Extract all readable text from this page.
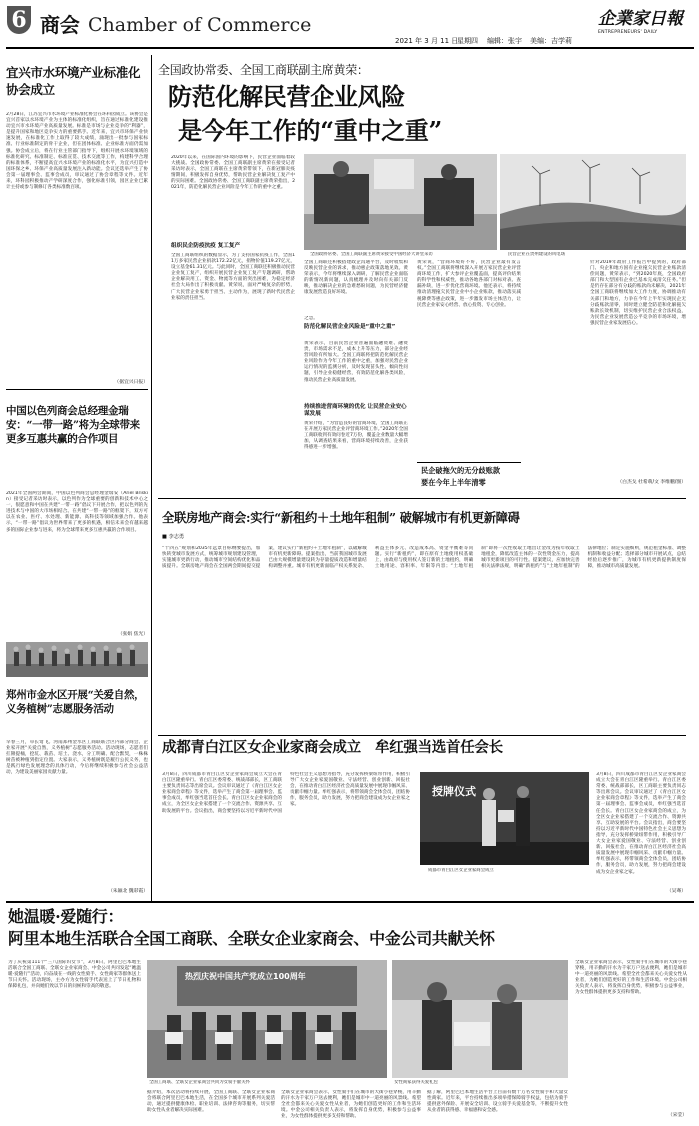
6 商会 Chamber of Commerce	企業家日報
ENTREPRENEURS' DAILY
2021 年 3 月 11 日
星期四 编辑：张宇 美编：吉学莉
宜兴市水环境产业标准化协会成立
2月28日，江苏宜兴市水环境产业标准化协会在环科园成立。该协会是宜兴首家以水环境产业为主体的标准化组织，旨在通过标准化建设推动宜兴市水环境产业高质量发展。标准是市场与企业竞争的“利器”，是提升国家和地区竞争实力的重要抓手。近年来，宜兴市环保产业快速发展，在标准化工作上取得了较大成绩，涌现出一批参与国家标准、行业标准制定的骨干企业，但在团体标准、企业标准方面仍需加强。协会成立后，将在行业主管部门指导下，组织开展水环境领域的标准化研究、标准制定、标准宣贯、技术交流等工作，构建科学合理的标准体系，不断提高宜兴水环境产业的标准化水平，为宜兴打造中国环保之乡、环保产业高质量发展注入新动能。会议还选举产生了协会第一届理事会、监事会成员，审议通过了协会章程等文件。近年来，环科园积极推动产学研深度合作，强化标准引领，园区企业已累计主持或参与制修订各类标准数百项。
（据宜兴日报）
中国以色列商会总经理金瑞安：“一带一路”将为全球带来更多互惠共赢的合作项目
2021年全国两会期间，中国以色列商会总经理金瑞安（Ariel Briskin）接受记者采访时表示，以色列作为全球重要的创新和技术中心之一，很愿意和中国在共建“一带一路”倡议下开展合作，把以色列的先进技术与中国的大市场相结合。在共建“一带一路”的框架下，双方可以在农业、医疗、水处理、新能源、高科技等领域加强合作。他表示，“一带一路”倡议为世界带来了更多的机遇，相信未来会有越来越多的国际企业参与进来，将为全球带来更多互惠共赢的合作项目。
（张娟 焦光）
郑州市金水区开展“关爱自然，义务植树”志愿服务活动
早春三月，草长莺飞。河南郑州金水区工商联联合区内部分商会、企业家开展“关爱自然，义务植树”志愿服务活动。活动现场，志愿者们扛锹提桶，挖坑、栽苗、培土、浇水，分工明确、配合默契，一株株树苗被种植到指定位置。大家表示，义务植树既是履行公民义务，也是践行绿色发展理念的具体行动，今后将继续积极参与社会公益活动，为建设美丽家园贡献力量。
（朱颖北 魏彩霞）
全国政协常委、全国工商联副主席黄荣：
防范化解民营企业风险
是今年工作的“重中之重”
2020年以来，在国际国内环境的影响下，民营企业面临着较大挑战。全国政协常委、全国工商联副主席黄荣在接受记者采访时表示，全国工商联在主席黄荣带领下，在新冠肺炎疫情期间，积极发挥自身优势，帮助民营企业解决复工复产中的实际困难。全国政协常委、全国工商联副主席黄荣指出，2021年，防范化解民营企业风险是今年工作的重中之重。
组织民企防疫抗疫 复工复产
全国工商联组织的数据显示，为了支持国家抗疫工作，全国11万多家民营企业捐款172.22亿元，捐物价值119.27亿元，设立基金61.31亿元。与此同时，全国工商联还积极推动民营企业复工复产，组织开展民营企业复工复产专题调研，帮助企业解决用工、资金、物流等方面的突出困难，为稳定经济社会大局作出了积极贡献。黄荣说，面对严峻复杂的形势，广大民营企业家勇于担当、主动作为，展现了新时代民营企业家的责任担当。
全国工商联还积极搭建政企沟通平台，及时收集和反映民营企业的诉求，推动惠企政策落地见效。黄荣表示，今年将继续深入调研，了解民营企业面临的新情况新问题，认真梳理并及时向有关部门反映，推动解决企业的急难愁盼问题，为民营经济健康发展营造良好环境。
之急。
防范化解民营企业风险是“重中之重”
黄荣表示，目前民营企业普遍面临融资难、融资贵，市场需求不足，成本上升等压力，部分企业经营风险有所加大。全国工商联将把防范化解民营企业风险作为今年工作的重中之重，加强对民营企业运行情况的监测分析，及时发现苗头性、倾向性问题，引导企业稳健经营，有效防范化解各类风险，推动民营企业高质量发展。
持续推进营商环境的优化 让民营企业安心谋发展
黄荣介绍，“为营造良好的营商环境，全国工商联正在开展万家民营企业评营商环境工作。”2020年全国工商联收到有效问卷近7万份，覆盖企业数量大幅增加，从调查结果来看，营商环境持续改善，企业获得感进一步增强。
全国政协常委、全国工商联副主席黄荣接受中国经济大讲堂采访	民营企业在贵州建设的风电场
黄荣说，“营商环境好不好，民营企业最有发言权。”全国工商联将继续深入开展万家民营企业评营商环境工作，扩大参评企业覆盖面，提高评价结果的科学性和权威性，推动各地各部门对标对表、查漏补缺，进一步优化营商环境。他还表示，将持续推动清理拖欠民营企业中小企业账款，推动落实减税降费等惠企政策，进一步激发市场主体活力，让民营企业家安心经营、放心投资、专心创业。
民企破拖欠的无分歧账款
要在今年上半年清零
针对2019年政府工作报告中提到的，政府部门、央企和地方国有企业拖欠民营企业账款清偿问题，黄荣表示，“到2020年底，全国政府部门和大型国有企业已基本完成清欠任务。”但是仍存在部分有分歧的账款尚未解决，2021年全国工商联将继续加大工作力度，协调推动有关部门和地方，力争在今年上半年实现民企无分歧账款清零，同时建立健全防范和化解拖欠账款长效机制，切实维护民营企业合法权益，为民营企业发展营造公平竞争的市场环境，增强民营企业家发展信心。
（白杰戈 杜希萌/文 李维鹏/图）
全联房地产商会:实行“新租约＋土地年租制” 破解城市有机更新障碍
■ 李志勇
“十四五”规划和2035年远景目标纲要提出，加快转变城市发展方式，统筹城市规划建设管理，实施城市更新行动，推动城市空间结构优化和品质提升。全联房地产商会在全国两会期间提交提案，建议实行“新租约＋土地年租制”，以破解城市有机更新障碍。提案指出，当前我国城市发展已由大规模增量建设转为存量提质改造和增量结构调整并重。城市有机更新面临产权关系复杂、利益主体多元、改造成本高、资金平衡难等问题。实行“新租约”，即在原有土地使用权基础上，由政府与使用权人签订新的土地租约，明确土地用途、容积率、年限等内容；“土地年租制”即将一次性收取土地出让金改为按年收取土地租金，降低改造主体的一次性资金压力，提高城市更新项目的可行性。提案建议，应加快完善相关法律法规，明确“新租约”与“土地年租制”的法律地位；制定实施细则，规范租金标准、调整机制和收益分配；选择部分城市开展试点，总结经验后逐步推广，为城市有机更新提供制度保障，推动城市高质量发展。
成都青白江区女企业家商会成立　牟红强当选首任会长
3月8日，四川成都市青白江区女企业家商会成立大会在青白江区隆重举行。青白江区委常委、统战部部长，区工商联主要负责同志等出席会议。会议审议通过了《青白江区女企业家商会章程》等文件，选举产生了商会第一届理事会、监事会成员，牟红强当选首任会长。青白江区女企业家商会的成立，为全区女企业家搭建了一个交流合作、资源共享、互助发展的平台。会议指出，商会要坚持以习近平新时代中国特色社会主义思想为指导，充分发挥桥梁纽带作用，积极引导广大女企业家爱国敬业、守法经营、创业创新、回报社会，在推动青白江区经济社会高质量发展中展现巾帼风采、贡献巾帼力量。牟红强表示，将带领商会全体会员，团结协作，服务会员，助力发展，努力把商会建设成为女企业家之家。
授牌仪式
成都市青白江区女企业家商会成立
3月8日，四川成都市青白江区女企业家商会成立大会在青白江区隆重举行。青白江区委常委、统战部部长，区工商联主要负责同志等出席会议。会议审议通过了《青白江区女企业家商会章程》等文件，选举产生了商会第一届理事会、监事会成员，牟红强当选首任会长。青白江区女企业家商会的成立，为全区女企业家搭建了一个交流合作、资源共享、互助发展的平台。会议指出，商会要坚持以习近平新时代中国特色社会主义思想为指导，充分发挥桥梁纽带作用，积极引导广大女企业家爱国敬业、守法经营、创业创新、回报社会，在推动青白江区经济社会高质量发展中展现巾帼风采、贡献巾帼力量。牟红强表示，将带领商会全体会员，团结协作，服务会员，助力发展，努力把商会建设成为女企业家之家。
（吴骞）
她温暖·爱随行：
阿里本地生活联合全国工商联、全联女企业家商会、中金公司共献关怀
为了庆祝第111个“三八国际妇女节”，3月8日，阿里巴巴本地生活联合全国工商联、全联女企业家商会、中金公司共同发起“她温暖·爱随行”活动，向奋战在一线的女性骑手、女性商家等群体送上节日关怀。活动现场，主办方为女性骑手代表送上了节日礼物和保障礼包，并向她们致以节日的问候和崇高的敬意。
热烈庆祝中国共产党成立100周年
全国工商联、全联女企业家商会共同为女骑手献关怀	女性商家获得关爱礼包
据介绍，本次活动将持续开展，全国工商联、全联女企业家商会将联合阿里巴巴本地生活，在全国多个城市开展系列关爱活动，通过提供健康体检、职业培训、法律咨询等服务，切实帮助女性从业者解决实际困难。
全联女企业家商会表示，女性骑手们在城市的大街小巷穿梭，用辛勤的汗水为千家万户送去便利，她们是城市中一道亮丽的风景线。希望全社会都来关心关爱女性从业者，为她们创造更好的工作和生活环境。中金公司相关负责人表示，将发挥自身优势，积极参与公益事业，为女性群体提供更多支持和帮助。
据了解，阿里巴巴本地生活平台上目前有数十万名女性骑手和大量女性商家。近年来，平台持续推出多项举措保障骑手权益，包括为骑手提供意外保险、开展安全培训、设立骑手关爱基金等，不断提升女性从业者的获得感、幸福感和安全感。
全联女企业家商会表示，女性骑手们在城市的大街小巷穿梭，用辛勤的汗水为千家万户送去便利，她们是城市中一道亮丽的风景线。希望全社会都来关心关爱女性从业者，为她们创造更好的工作和生活环境。中金公司相关负责人表示，将发挥自身优势，积极参与公益事业，为女性群体提供更多支持和帮助。
（宋莹）
